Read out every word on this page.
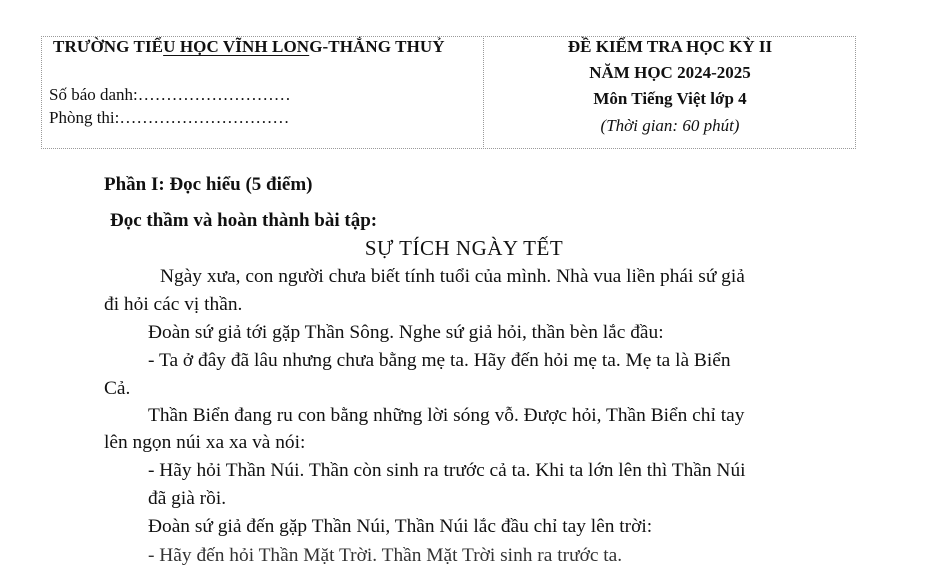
TRƯỜNG TIỂU HỌC VĨNH LONG-THẮNG THUỶ
Số báo danh:………………………
Phòng thi:…………………………
ĐỀ KIỂM TRA HỌC KỲ II
NĂM HỌC 2024-2025
Môn Tiếng Việt lớp 4
(Thời gian: 60 phút)
Phần I: Đọc hiểu (5 điểm)
Đọc thầm và hoàn thành bài tập:
SỰ TÍCH NGÀY TẾT
Ngày xưa, con người chưa biết tính tuổi của mình. Nhà vua liền phái sứ giả
đi hỏi các vị thần.
Đoàn sứ giả tới gặp Thần Sông. Nghe sứ giả hỏi, thần bèn lắc đầu:
- Ta ở đây đã lâu nhưng chưa bằng mẹ ta. Hãy đến hỏi mẹ ta. Mẹ ta là Biển
Cả.
Thần Biển đang ru con bằng những lời sóng vỗ. Được hỏi, Thần Biển chỉ tay
lên ngọn núi xa xa và nói:
- Hãy hỏi Thần Núi. Thần còn sinh ra trước cả ta. Khi ta lớn lên thì Thần Núi
đã già rồi.
Đoàn sứ giả đến gặp Thần Núi, Thần Núi lắc đầu chỉ tay lên trời:
- Hãy đến hỏi Thần Mặt Trời. Thần Mặt Trời sinh ra trước ta.
